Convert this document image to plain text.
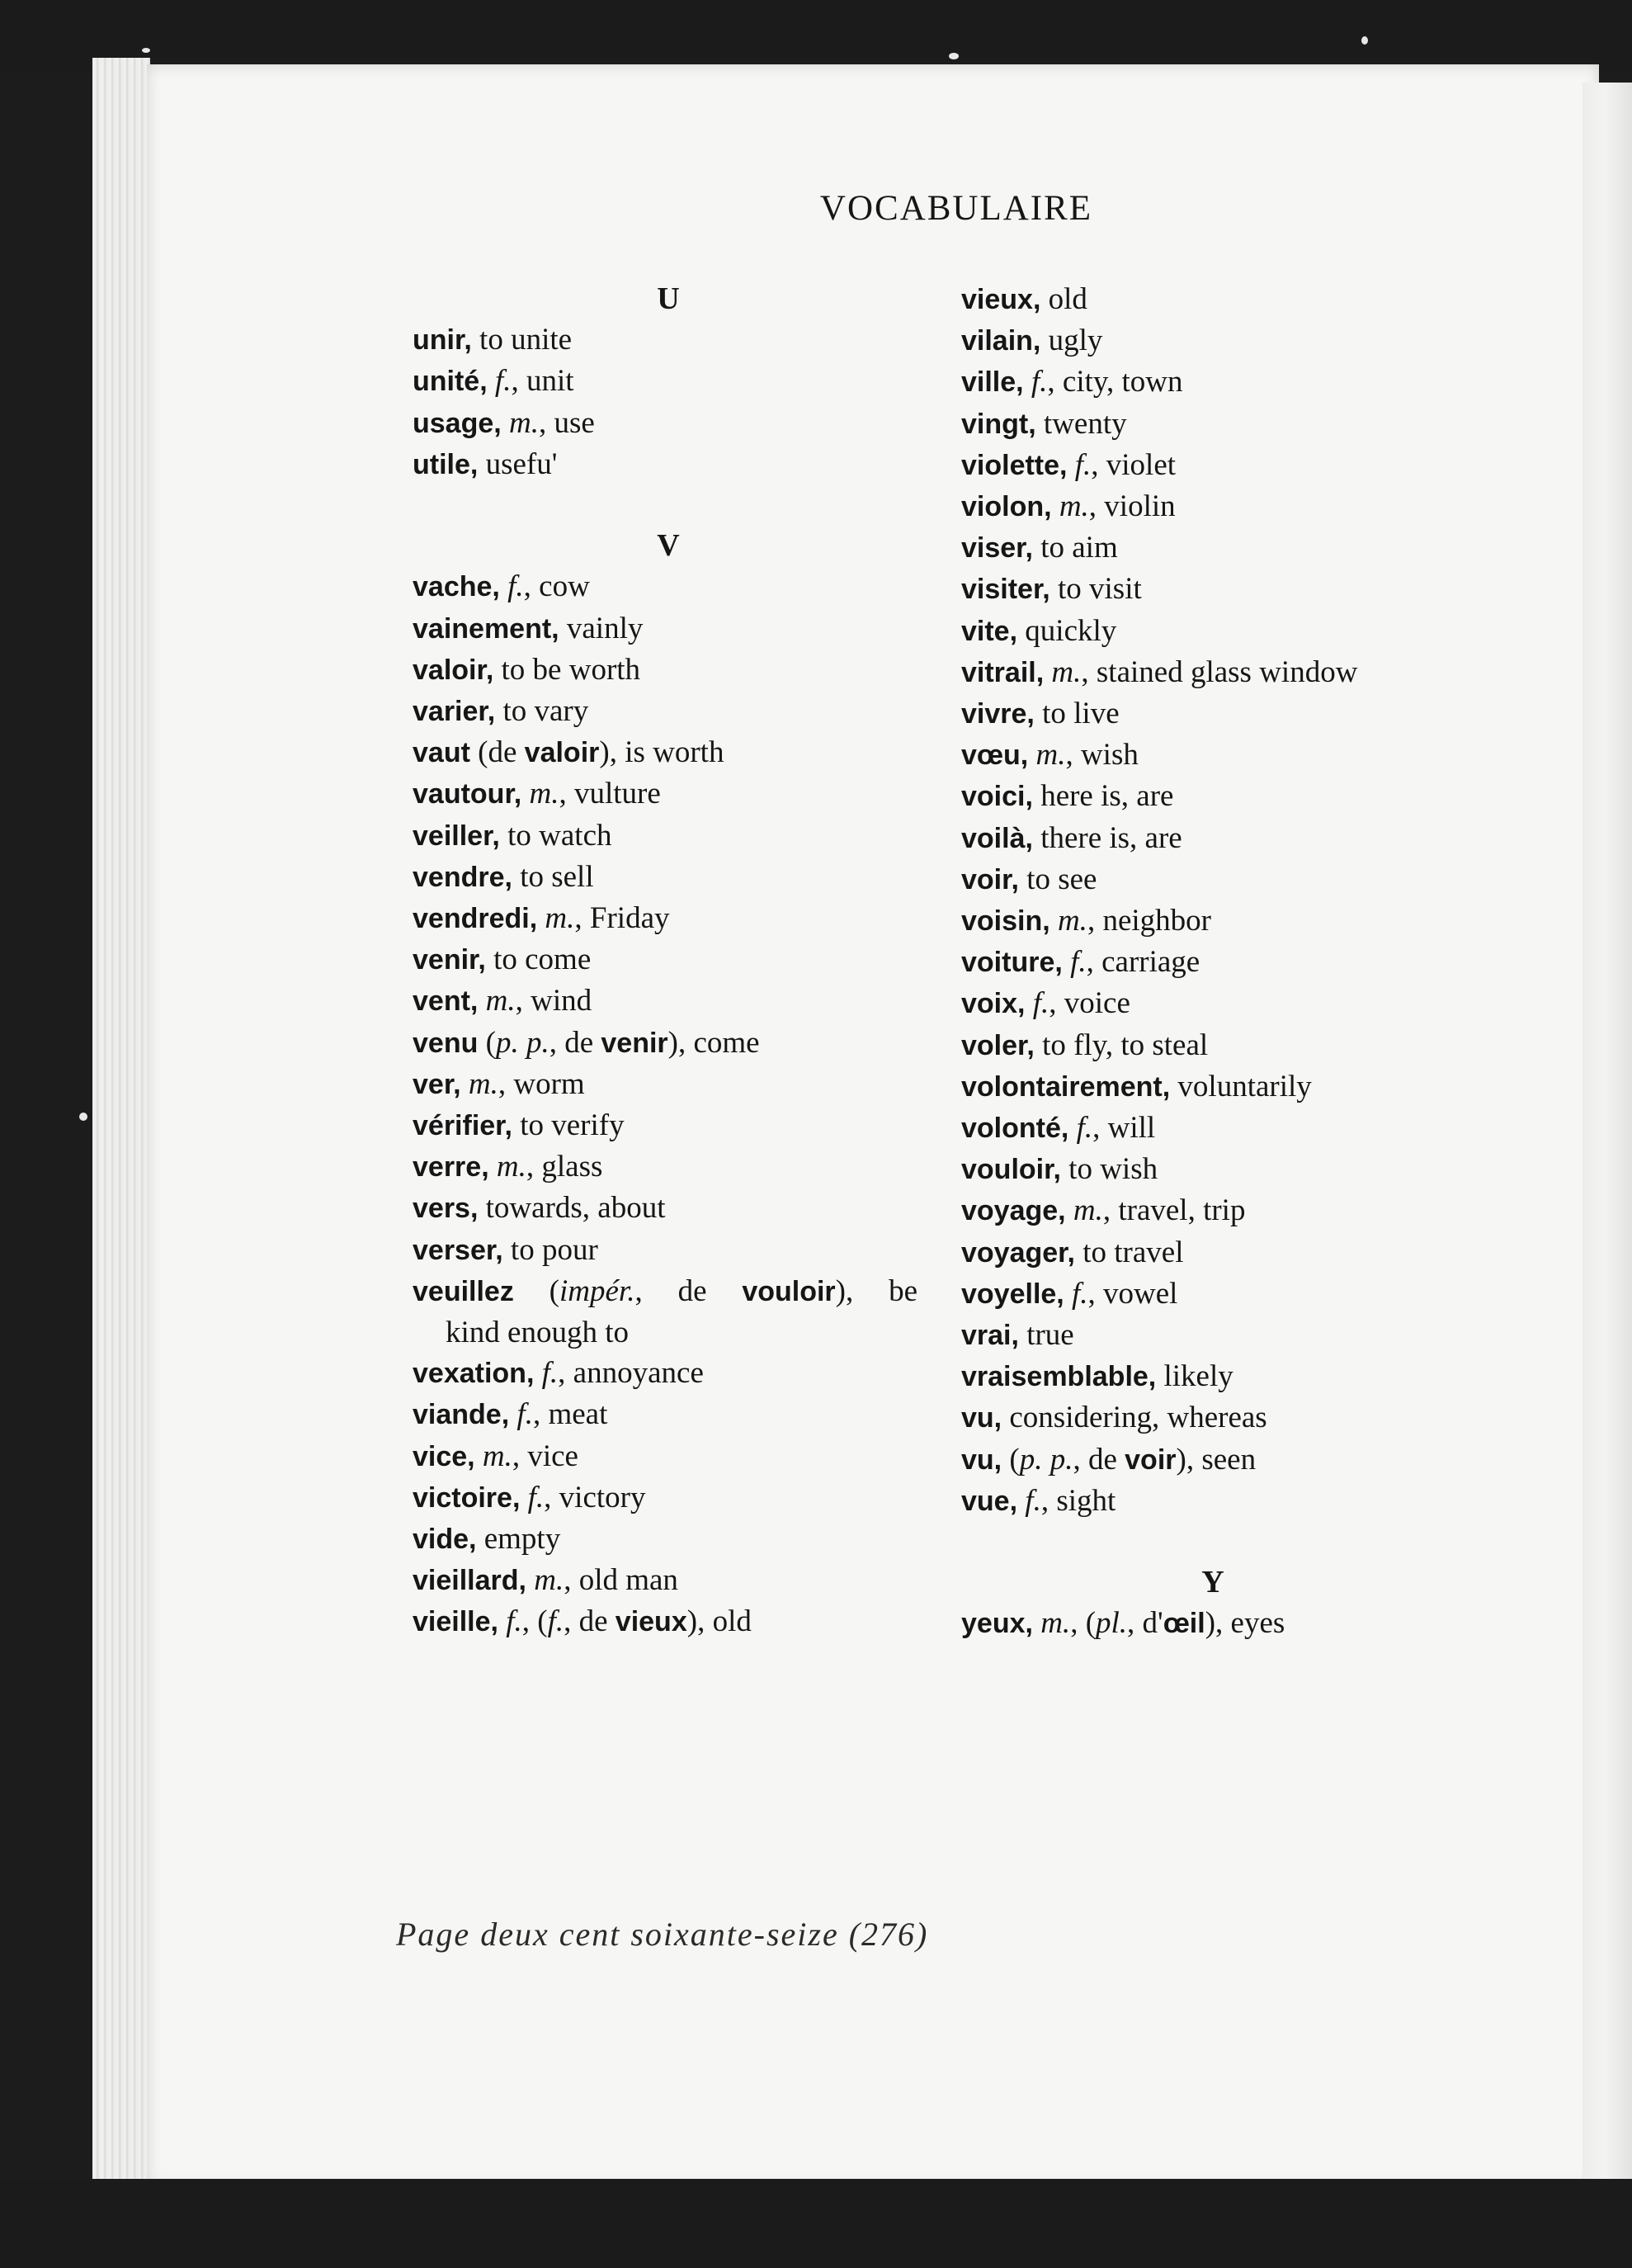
VOCABULAIRE
U
unir, to unite
unité, f., unit
usage, m., use
utile, usefu'
V
vache, f., cow
vainement, vainly
valoir, to be worth
varier, to vary
vaut (de valoir), is worth
vautour, m., vulture
veiller, to watch
vendre, to sell
vendredi, m., Friday
venir, to come
vent, m., wind
venu (p. p., de venir), come
ver, m., worm
vérifier, to verify
verre, m., glass
vers, towards, about
verser, to pour
veuillez (impér., de vouloir), be
kind enough to
vexation, f., annoyance
viande, f., meat
vice, m., vice
victoire, f., victory
vide, empty
vieillard, m., old man
vieille, f., (f., de vieux), old
vieux, old
vilain, ugly
ville, f., city, town
vingt, twenty
violette, f., violet
violon, m., violin
viser, to aim
visiter, to visit
vite, quickly
vitrail, m., stained glass window
vivre, to live
vœu, m., wish
voici, here is, are
voilà, there is, are
voir, to see
voisin, m., neighbor
voiture, f., carriage
voix, f., voice
voler, to fly, to steal
volontairement, voluntarily
volonté, f., will
vouloir, to wish
voyage, m., travel, trip
voyager, to travel
voyelle, f., vowel
vrai, true
vraisemblable, likely
vu, considering, whereas
vu, (p. p., de voir), seen
vue, f., sight
Y
yeux, m., (pl., d'œil), eyes
Page deux cent soixante-seize (276)
